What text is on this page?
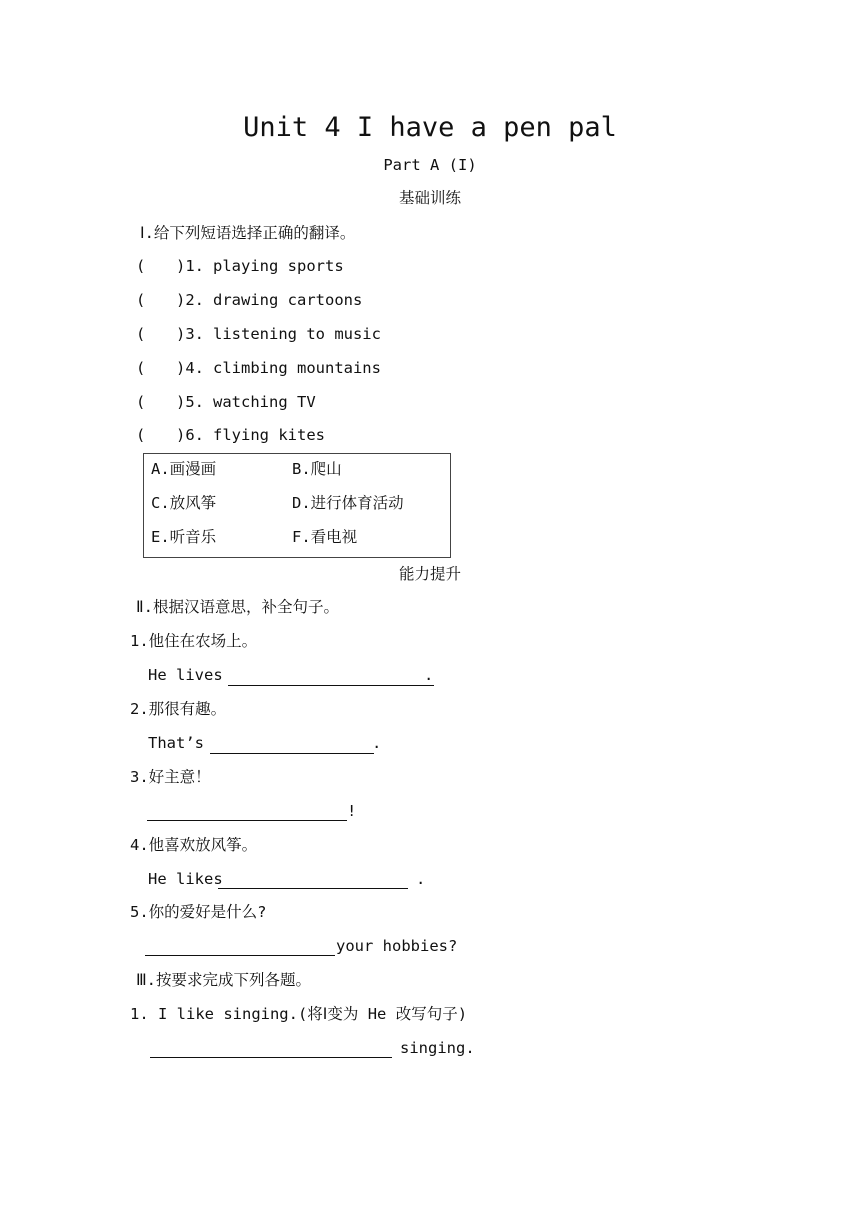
Unit 4 I have a pen pal
Part A (I)
基础训练
Ⅰ.给下列短语选择正确的翻译。
( )1. playing sports
( )2. drawing cartoons
( )3. listening to music
( )4. climbing mountains
( )5. watching TV
( )6. flying kites
A.画漫画	B.爬山
C.放风筝	D.进行体育活动
E.听音乐	F.看电视
能力提升
Ⅱ.根据汉语意思，补全句子。
1.他住在农场上。
He lives	.
2.那很有趣。
That’s	.
3.好主意！
!
4.他喜欢放风筝。
He likes	.
5.你的爱好是什么?
your hobbies?
Ⅲ.按要求完成下列各题。
1. I like singing.(将Ⅰ变为 He 改写句子)
singing.
